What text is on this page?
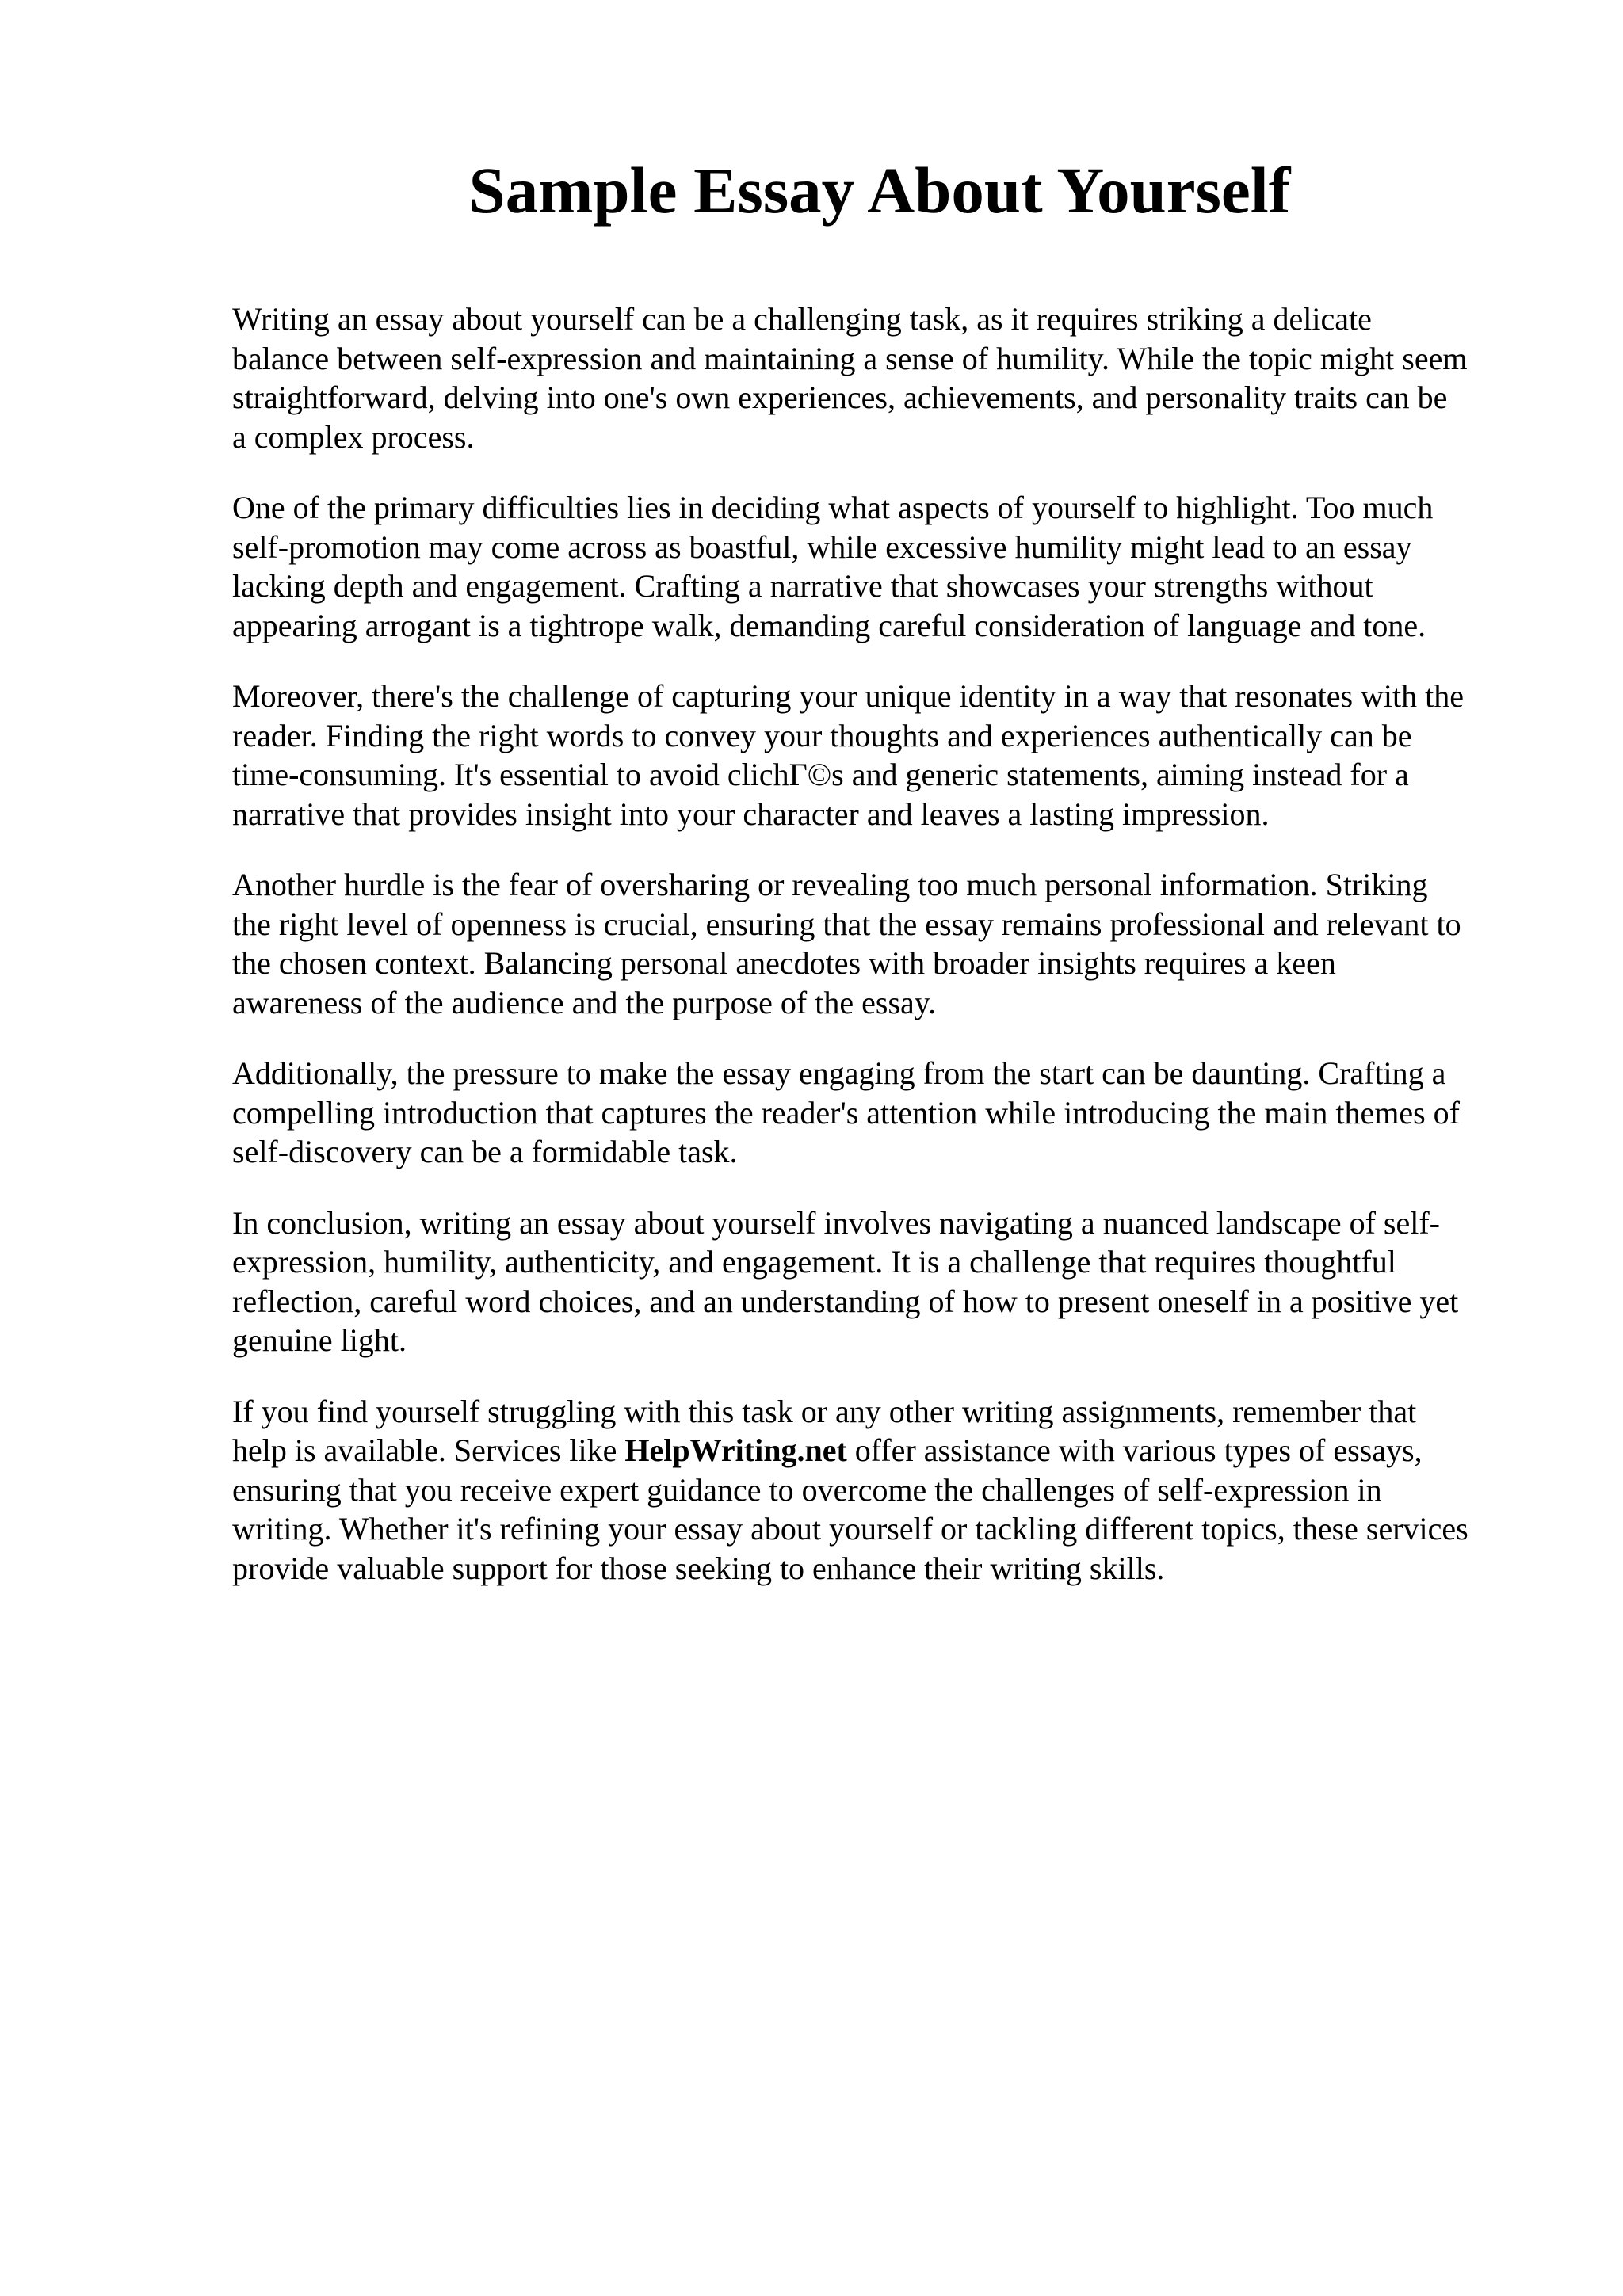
Sample Essay About Yourself

Writing an essay about yourself can be a challenging task, as it requires striking a delicate
balance between self-expression and maintaining a sense of humility. While the topic might seem
straightforward, delving into one's own experiences, achievements, and personality traits can be
a complex process.

One of the primary difficulties lies in deciding what aspects of yourself to highlight. Too much
self-promotion may come across as boastful, while excessive humility might lead to an essay
lacking depth and engagement. Crafting a narrative that showcases your strengths without
appearing arrogant is a tightrope walk, demanding careful consideration of language and tone.

Moreover, there's the challenge of capturing your unique identity in a way that resonates with the
reader. Finding the right words to convey your thoughts and experiences authentically can be
time-consuming. It's essential to avoid clichΓ©s and generic statements, aiming instead for a
narrative that provides insight into your character and leaves a lasting impression.

Another hurdle is the fear of oversharing or revealing too much personal information. Striking
the right level of openness is crucial, ensuring that the essay remains professional and relevant to
the chosen context. Balancing personal anecdotes with broader insights requires a keen
awareness of the audience and the purpose of the essay.

Additionally, the pressure to make the essay engaging from the start can be daunting. Crafting a
compelling introduction that captures the reader's attention while introducing the main themes of
self-discovery can be a formidable task.

In conclusion, writing an essay about yourself involves navigating a nuanced landscape of self-
expression, humility, authenticity, and engagement. It is a challenge that requires thoughtful
reflection, careful word choices, and an understanding of how to present oneself in a positive yet
genuine light.

If you find yourself struggling with this task or any other writing assignments, remember that
help is available. Services like HelpWriting.net offer assistance with various types of essays,
ensuring that you receive expert guidance to overcome the challenges of self-expression in
writing. Whether it's refining your essay about yourself or tackling different topics, these services
provide valuable support for those seeking to enhance their writing skills.
